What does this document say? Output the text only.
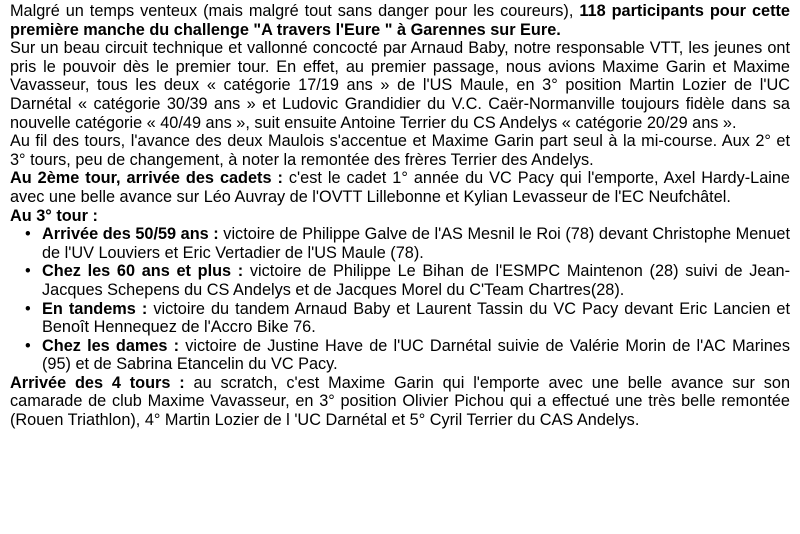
Malgré un temps venteux (mais malgré tout sans danger pour les coureurs), 118 participants pour cette première manche du challenge "A travers l'Eure " à Garennes sur Eure.

Sur un beau circuit technique et vallonné concocté par Arnaud Baby, notre responsable VTT, les jeunes ont pris le pouvoir dès le premier tour. En effet, au premier passage, nous avions Maxime Garin et Maxime Vavasseur, tous les deux « catégorie 17/19 ans » de l'US Maule, en 3° position Martin Lozier de l'UC Darnétal « catégorie 30/39 ans » et Ludovic Grandidier du V.C. Caër-Normanville toujours fidèle dans sa nouvelle catégorie « 40/49 ans », suit ensuite Antoine Terrier du CS Andelys « catégorie 20/29 ans ».

Au fil des tours, l'avance des deux Maulois s'accentue et Maxime Garin part seul à la mi-course. Aux 2° et 3° tours, peu de changement, à noter la remontée des frères Terrier des Andelys.

Au 2ème tour, arrivée des cadets : c'est le cadet 1° année du VC Pacy qui l'emporte, Axel Hardy-Laine avec une belle avance sur Léo Auvray de l'OVTT Lillebonne et Kylian Levasseur de l'EC Neufchâtel.

Au 3° tour :

• Arrivée des 50/59 ans : victoire de Philippe Galve de l'AS Mesnil le Roi (78) devant Christophe Menuet de l'UV Louviers et Eric Vertadier de l'US Maule (78).
• Chez les 60 ans et plus : victoire de Philippe Le Bihan de l'ESMPC Maintenon (28) suivi de Jean-Jacques Schepens du CS Andelys et de Jacques Morel du C'Team Chartres(28).
• En tandems : victoire du tandem Arnaud Baby et Laurent Tassin du VC Pacy devant Eric Lancien et Benoît Hennequez de l'Accro Bike 76.
• Chez les dames : victoire de Justine Have de l'UC Darnétal suivie de Valérie Morin de l'AC Marines (95) et de Sabrina Etancelin du VC Pacy.

Arrivée des 4 tours : au scratch, c'est Maxime Garin qui l'emporte avec une belle avance sur son camarade de club Maxime Vavasseur, en 3° position Olivier Pichou qui a effectué une très belle remontée (Rouen Triathlon), 4° Martin Lozier de l 'UC Darnétal et 5° Cyril Terrier du CAS Andelys.
